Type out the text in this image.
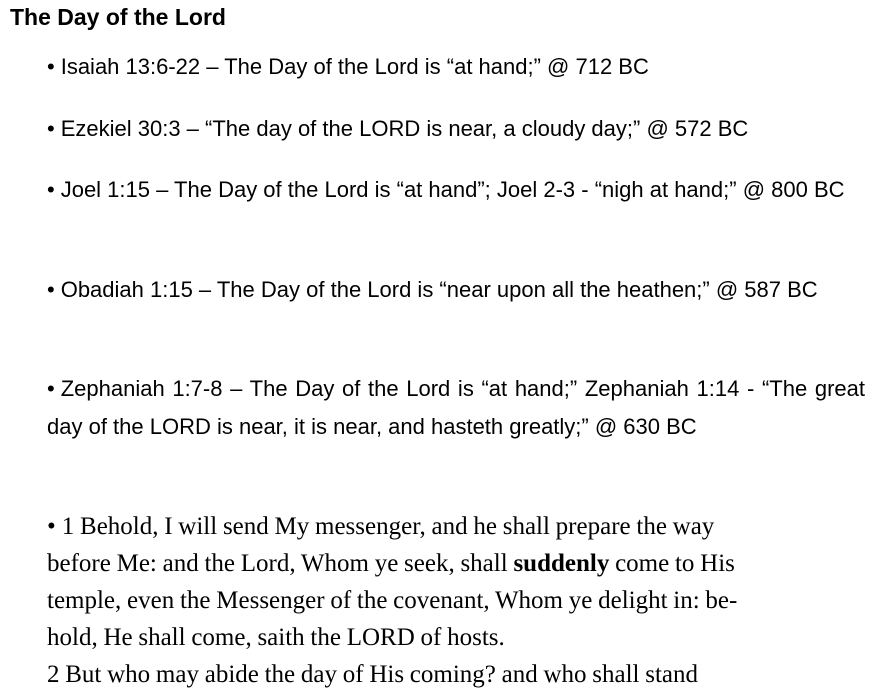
The Day of the Lord
• Isaiah 13:6-22 – The Day of the Lord is “at hand;” @ 712 BC
• Ezekiel 30:3 – “The day of the LORD is near, a cloudy day;” @ 572 BC
• Joel 1:15 – The Day of the Lord is “at hand”; Joel 2-3 - “nigh at hand;” @ 800 BC
• Obadiah 1:15 – The Day of the Lord is “near upon all the heathen;” @ 587 BC
• Zephaniah 1:7-8 – The Day of the Lord is “at hand;” Zephaniah 1:14 - “The great day of the LORD is near, it is near, and hasteth greatly;” @ 630 BC
• 1 Behold, I will send My messenger, and he shall prepare the way
before Me: and the Lord, Whom ye seek, shall suddenly come to His
temple, even the Messenger of the covenant, Whom ye delight in: be-
hold, He shall come, saith the LORD of hosts.
2 But who may abide the day of His coming? and who shall stand
